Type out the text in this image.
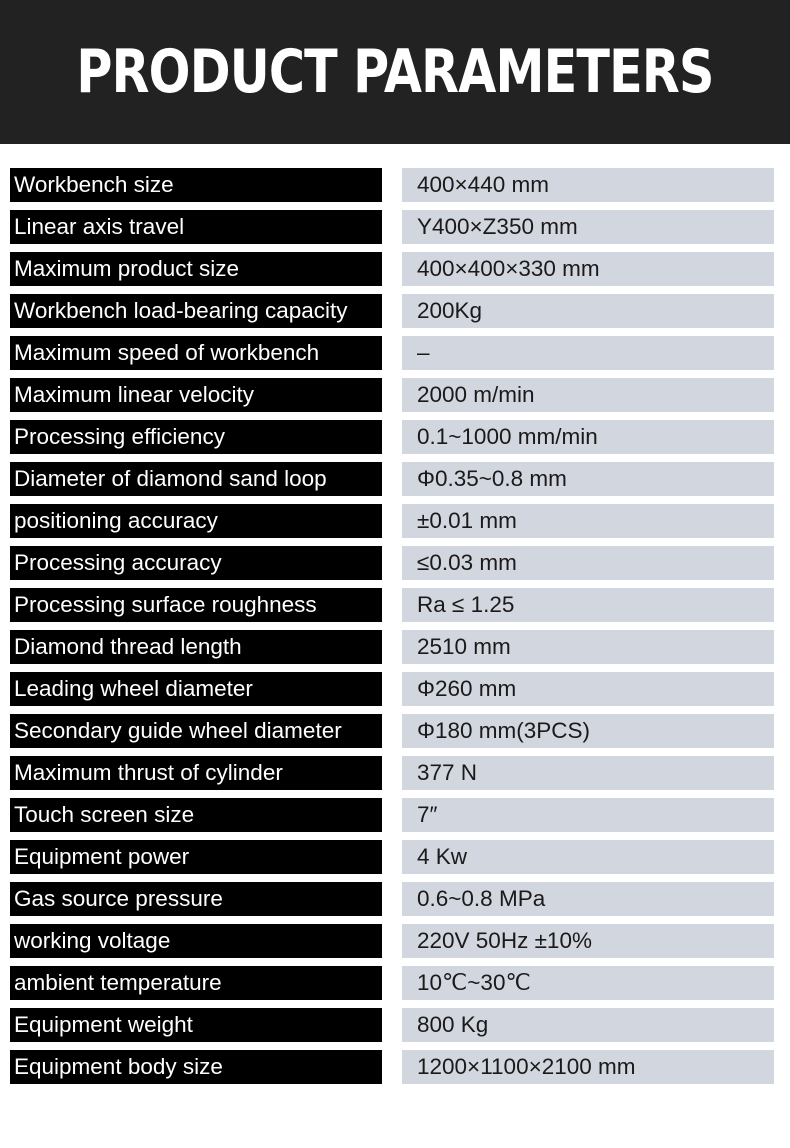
PRODUCT PARAMETERS
Workbench size	400×440 mm
Linear axis travel	Y400×Z350 mm
Maximum product size	400×400×330 mm
Workbench load-bearing capacity	200Kg
Maximum speed of workbench	–
Maximum linear velocity	2000 m/min
Processing efficiency	0.1~1000 mm/min
Diameter of diamond sand loop	Φ0.35~0.8 mm
positioning accuracy	±0.01 mm
Processing accuracy	≤0.03 mm
Processing surface roughness	Ra ≤ 1.25
Diamond thread length	2510 mm
Leading wheel diameter	Φ260 mm
Secondary guide wheel diameter	Φ180 mm(3PCS)
Maximum thrust of cylinder	377 N
Touch screen size	7″
Equipment power	4 Kw
Gas source pressure	0.6~0.8 MPa
working voltage	220V 50Hz ±10%
ambient temperature	10℃~30℃
Equipment weight	800 Kg
Equipment body size	1200×1100×2100 mm
